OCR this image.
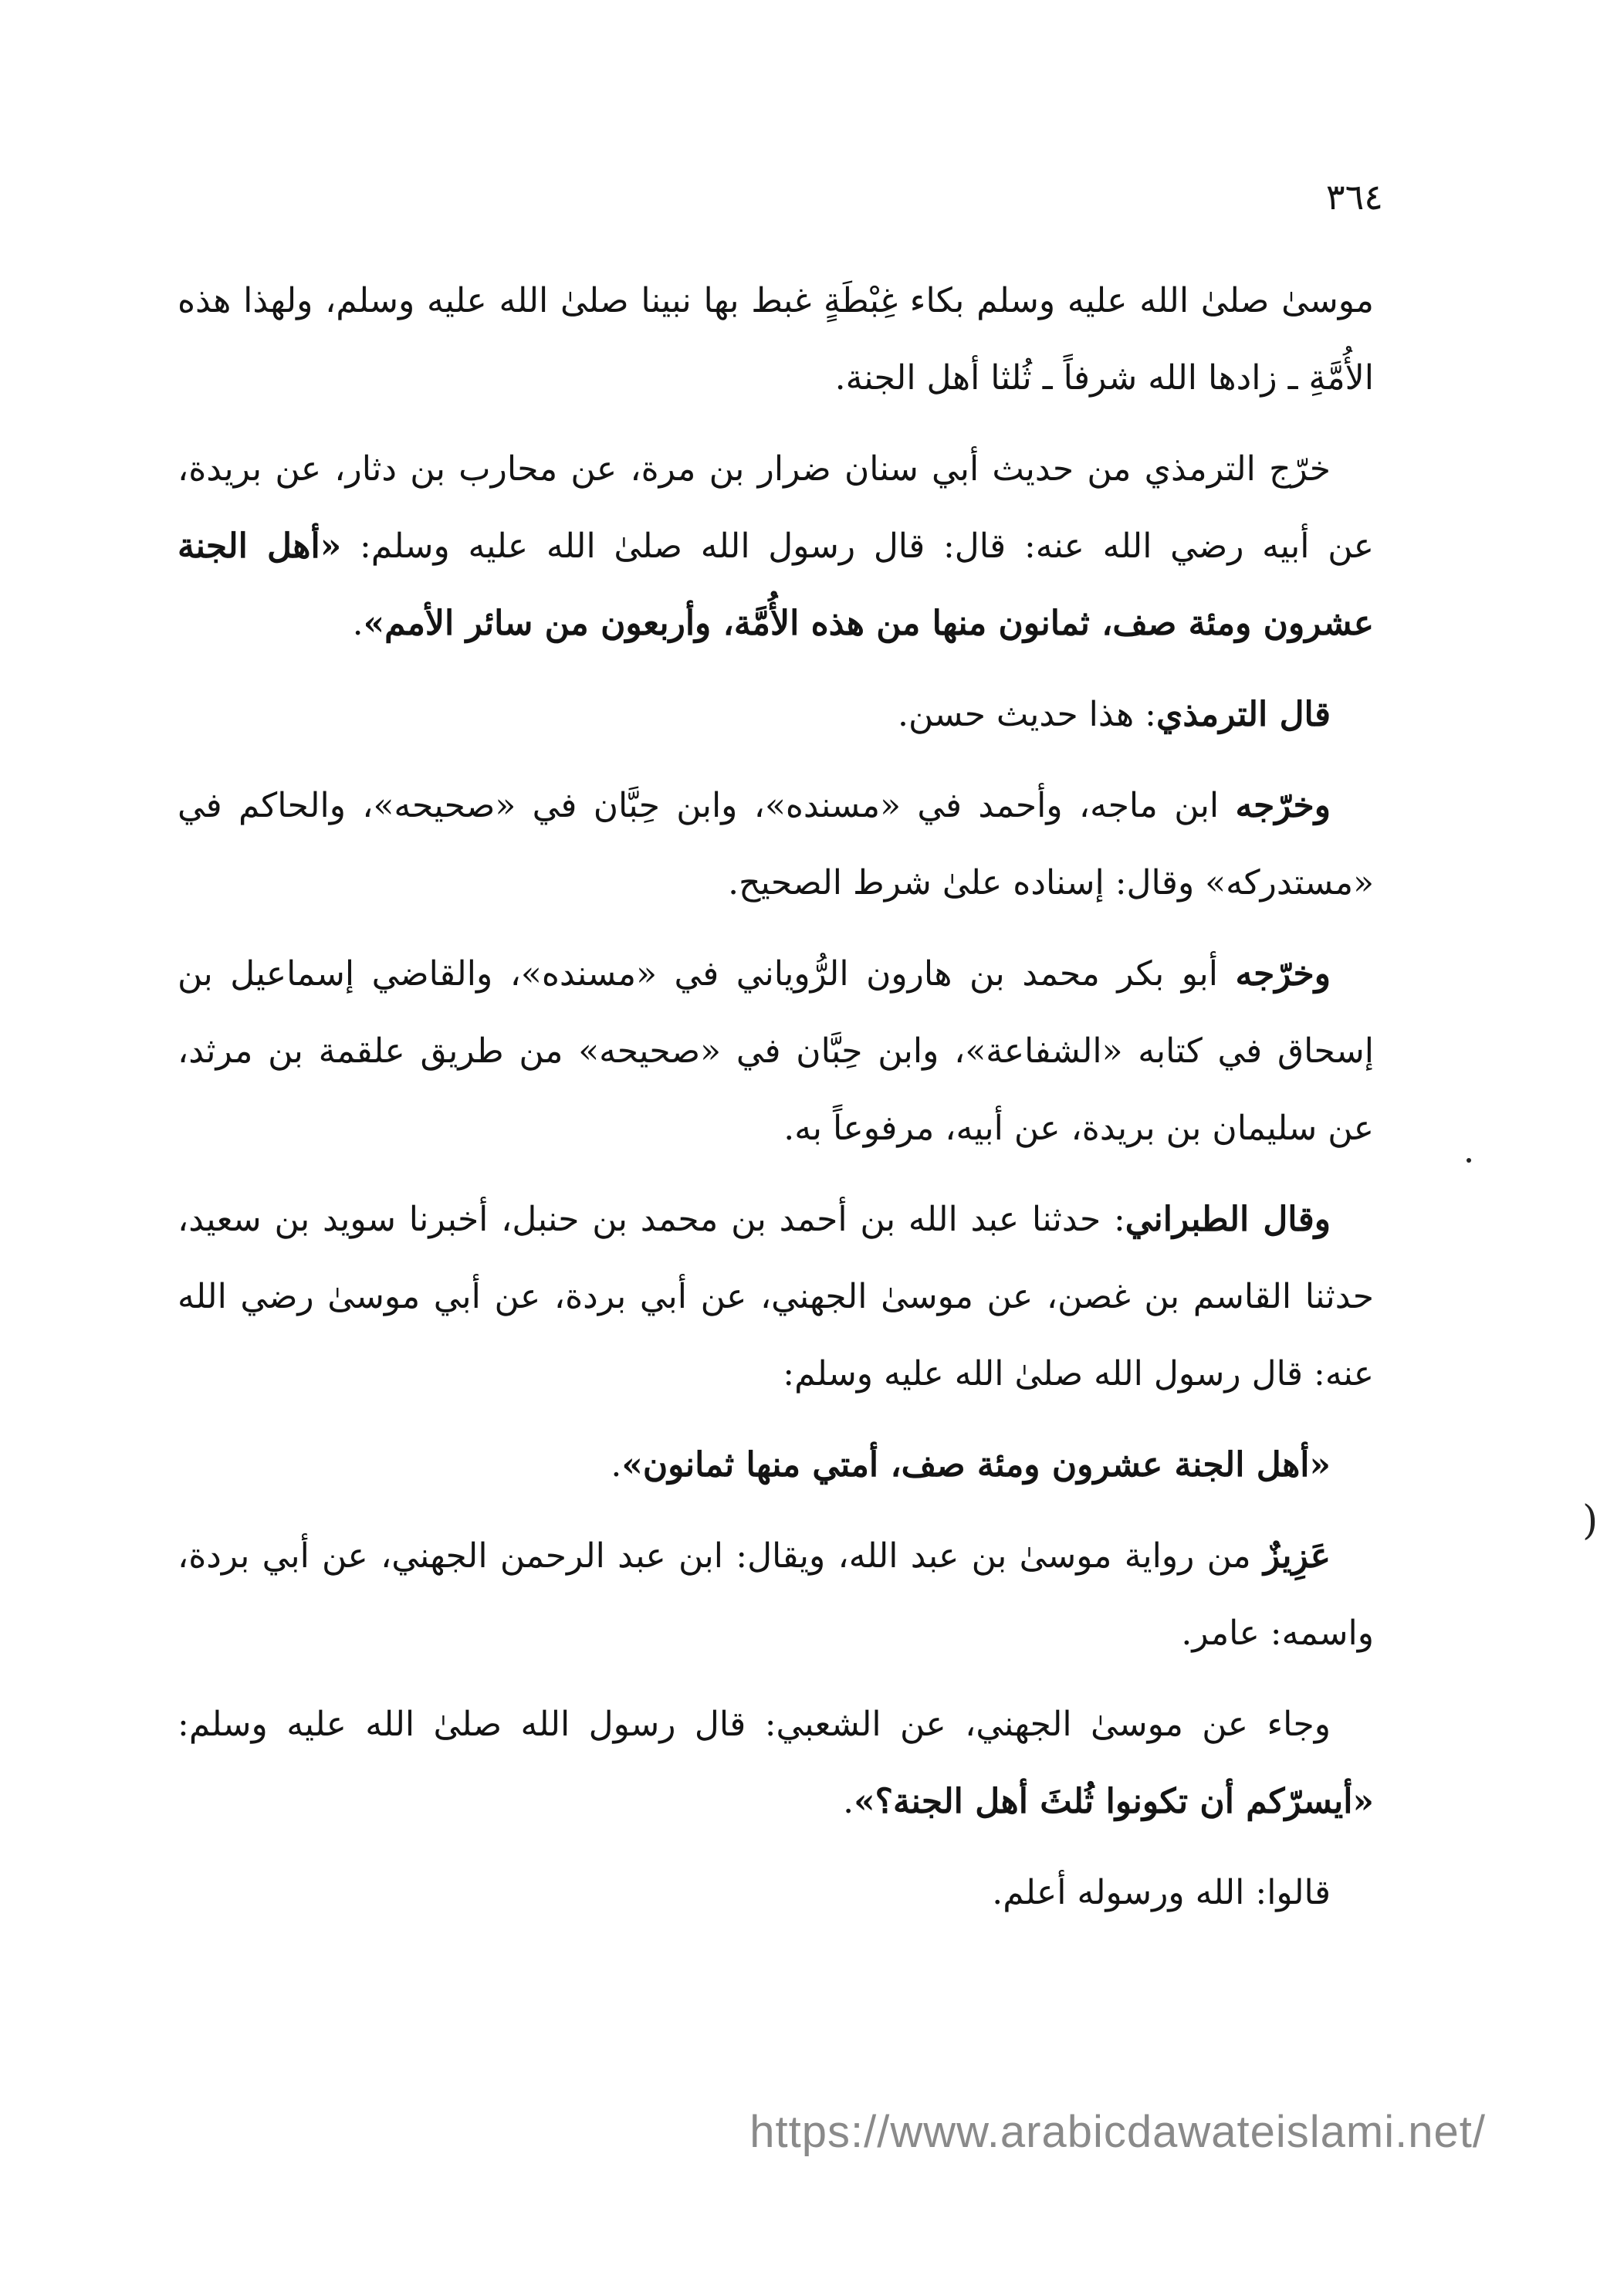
٣٦٤

موسىٰ صلىٰ الله عليه وسلم بكاء غِبْطَةٍ غبط بها نبينا صلىٰ الله عليه وسلم، ولهذا هذه الأُمَّةِ ـ زادها الله شرفاً ـ ثُلثا أهل الجنة.

خرّج الترمذي من حديث أبي سنان ضرار بن مرة، عن محارب بن دثار، عن بريدة، عن أبيه رضي الله عنه: قال: قال رسول الله صلىٰ الله عليه وسلم: «أهل الجنة عشرون ومئة صف، ثمانون منها من هذه الأُمَّة، وأربعون من سائر الأمم».

قال الترمذي: هذا حديث حسن.

وخرّجه ابن ماجه، وأحمد في «مسنده»، وابن حِبَّان في «صحيحه»، والحاكم في «مستدركه» وقال: إسناده علىٰ شرط الصحيح.

وخرّجه أبو بكر محمد بن هارون الرُّوياني في «مسنده»، والقاضي إسماعيل بن إسحاق في كتابه «الشفاعة»، وابن حِبَّان في «صحيحه» من طريق علقمة بن مرثد، عن سليمان بن بريدة، عن أبيه، مرفوعاً به.

وقال الطبراني: حدثنا عبد الله بن أحمد بن محمد بن حنبل، أخبرنا سويد بن سعيد، حدثنا القاسم بن غصن، عن موسىٰ الجهني، عن أبي بردة، عن أبي موسىٰ رضي الله عنه: قال رسول الله صلىٰ الله عليه وسلم:

«أهل الجنة عشرون ومئة صف، أمتي منها ثمانون».

عَزِيزٌ من رواية موسىٰ بن عبد الله، ويقال: ابن عبد الرحمن الجهني، عن أبي بردة، واسمه: عامر.

وجاء عن موسىٰ الجهني، عن الشعبي: قال رسول الله صلىٰ الله عليه وسلم: «أيسرّكم أن تكونوا ثُلثَ أهل الجنة؟».

قالوا: الله ورسوله أعلم.

)
https://www.arabicdawateislami.net/
